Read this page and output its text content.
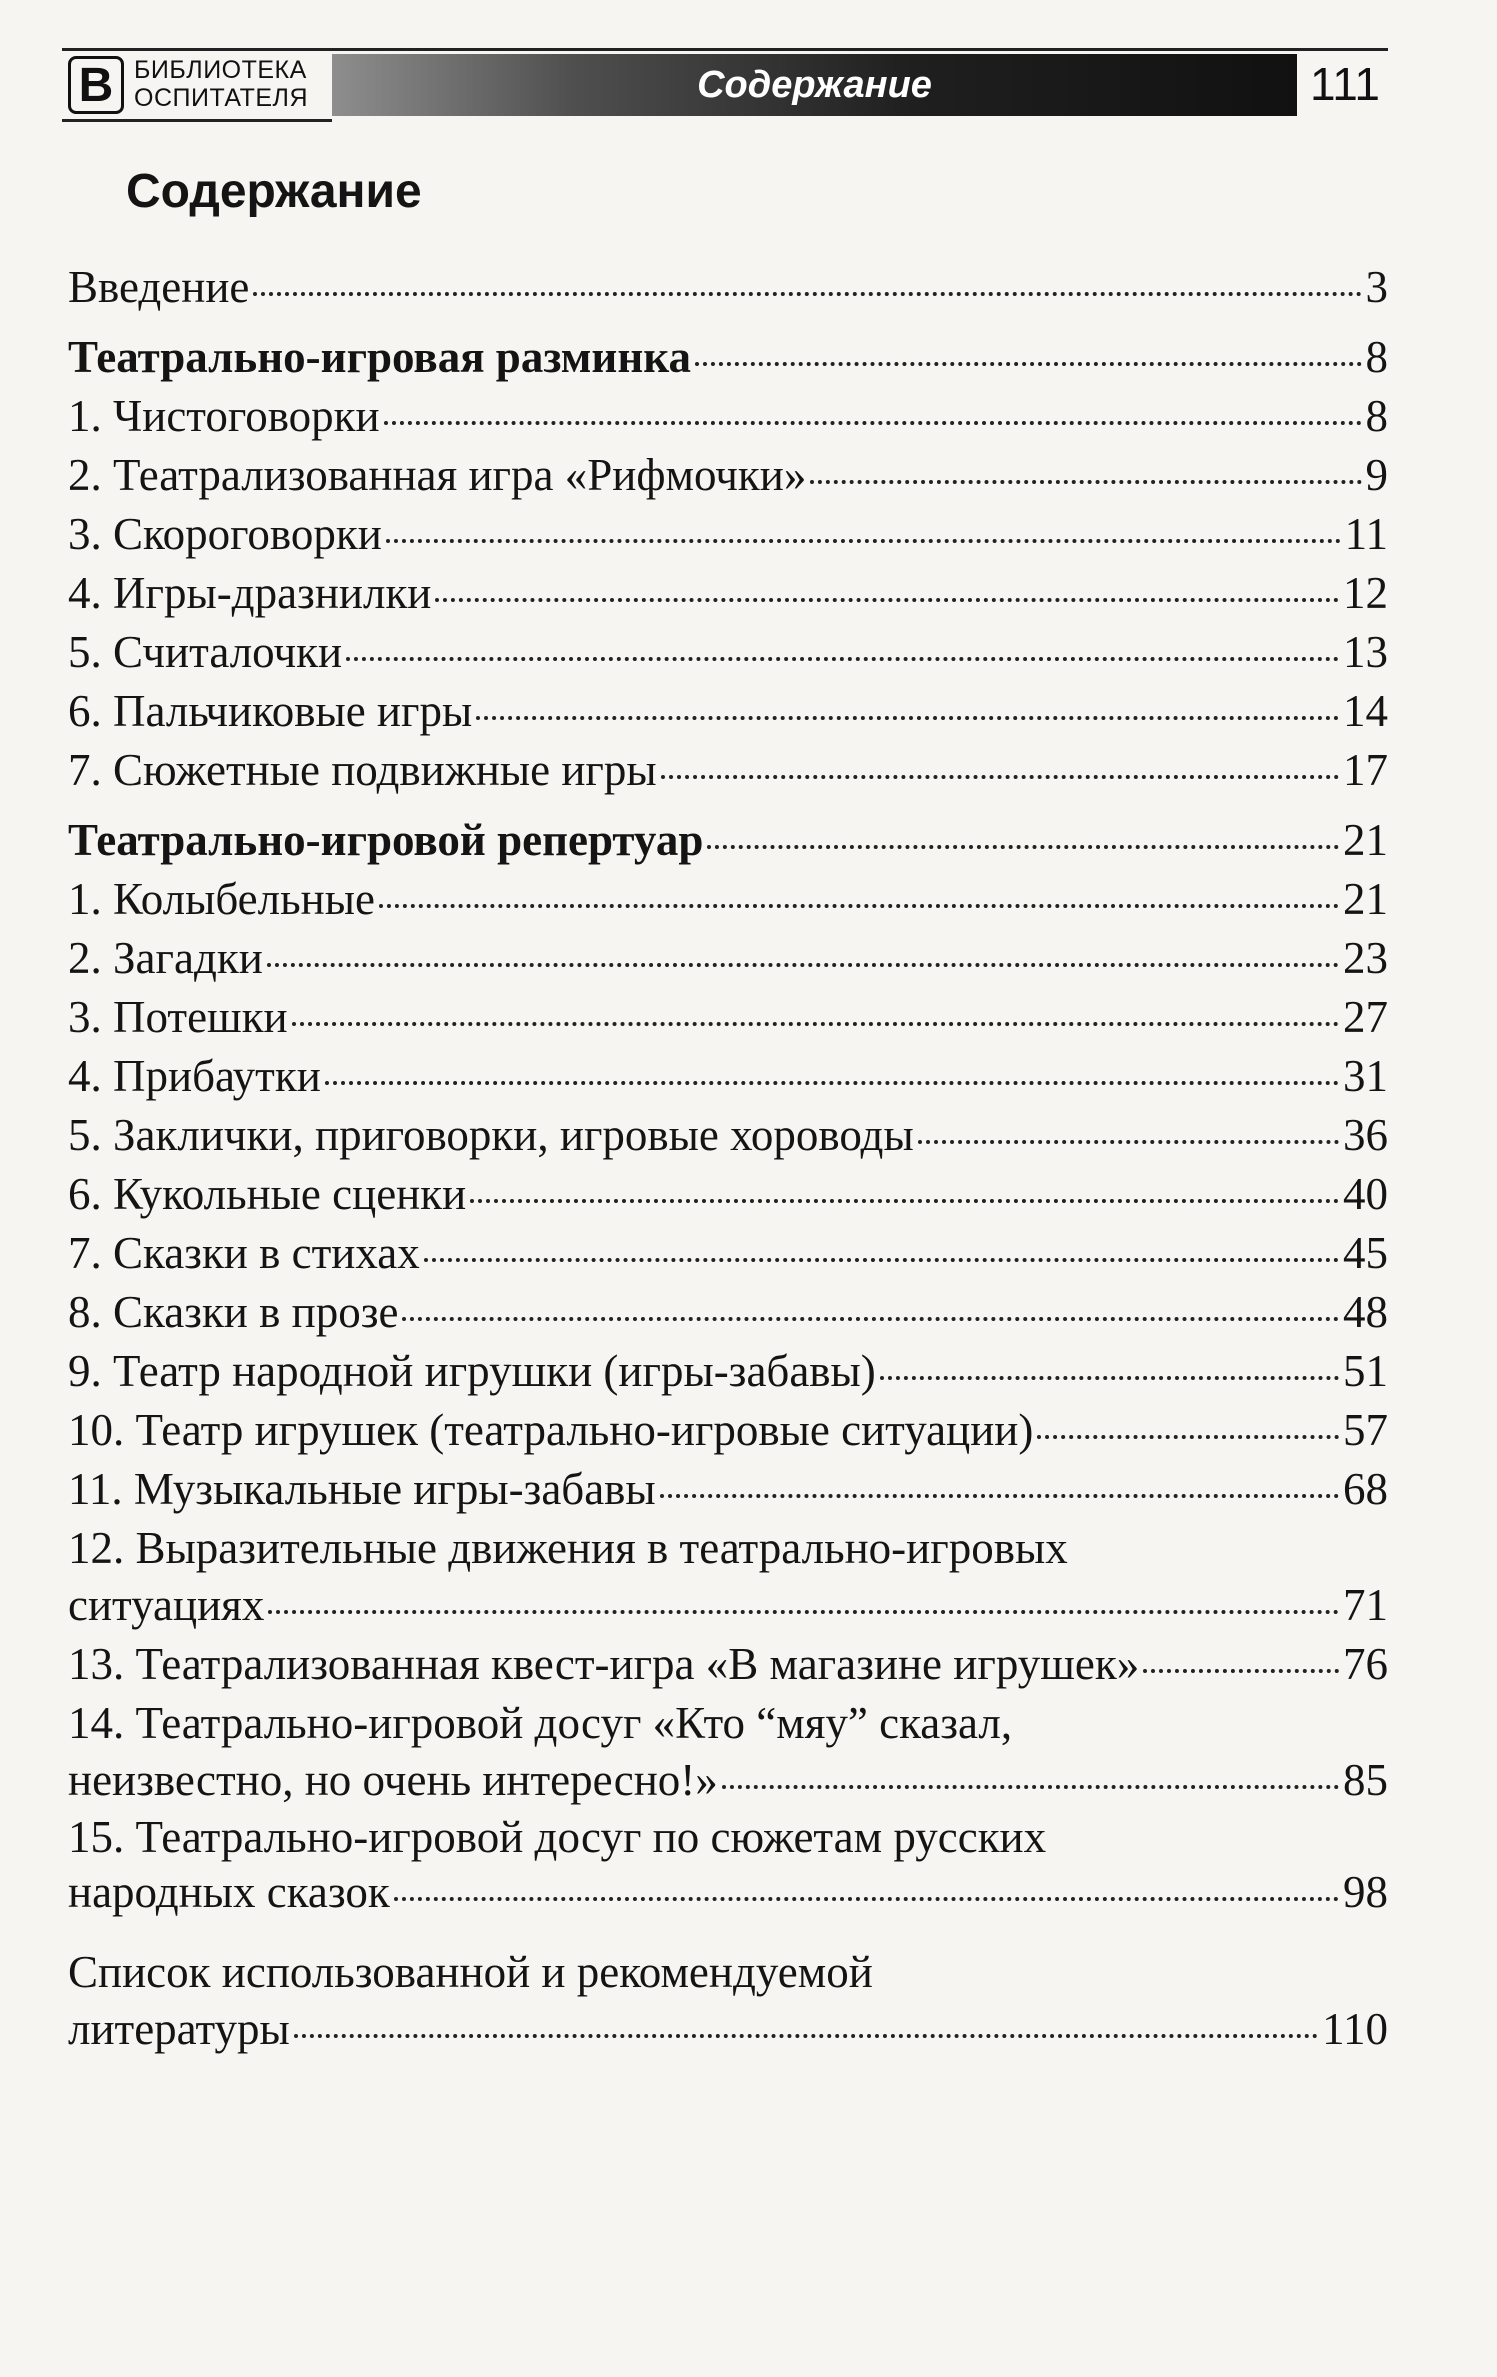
В БИБЛИОТЕКА
ОСПИТАТЕЛЯ	Содержание	111
Содержание
Введение	3
Театрально-игровая разминка	8
1. Чистоговорки	8
2. Театрализованная игра «Рифмочки»	9
3. Скороговорки	11
4. Игры-дразнилки	12
5. Считалочки	13
6. Пальчиковые игры	14
7. Сюжетные подвижные игры	17
Театрально-игровой репертуар	21
1. Колыбельные	21
2. Загадки	23
3. Потешки	27
4. Прибаутки	31
5. Заклички, приговорки, игровые хороводы	36
6. Кукольные сценки	40
7. Сказки в стихах	45
8. Сказки в прозе	48
9. Театр народной игрушки (игры-забавы)	51
10. Театр игрушек (театрально-игровые ситуации)	57
11. Музыкальные игры-забавы	68
12. Выразительные движения в театрально-игровых
ситуациях	71
13. Театрализованная квест-игра «В магазине игрушек»	76
14. Театрально-игровой досуг «Кто “мяу” сказал,
неизвестно, но очень интересно!»	85
15. Театрально-игровой досуг по сюжетам русских
народных сказок	98
Список использованной и рекомендуемой
литературы	110
